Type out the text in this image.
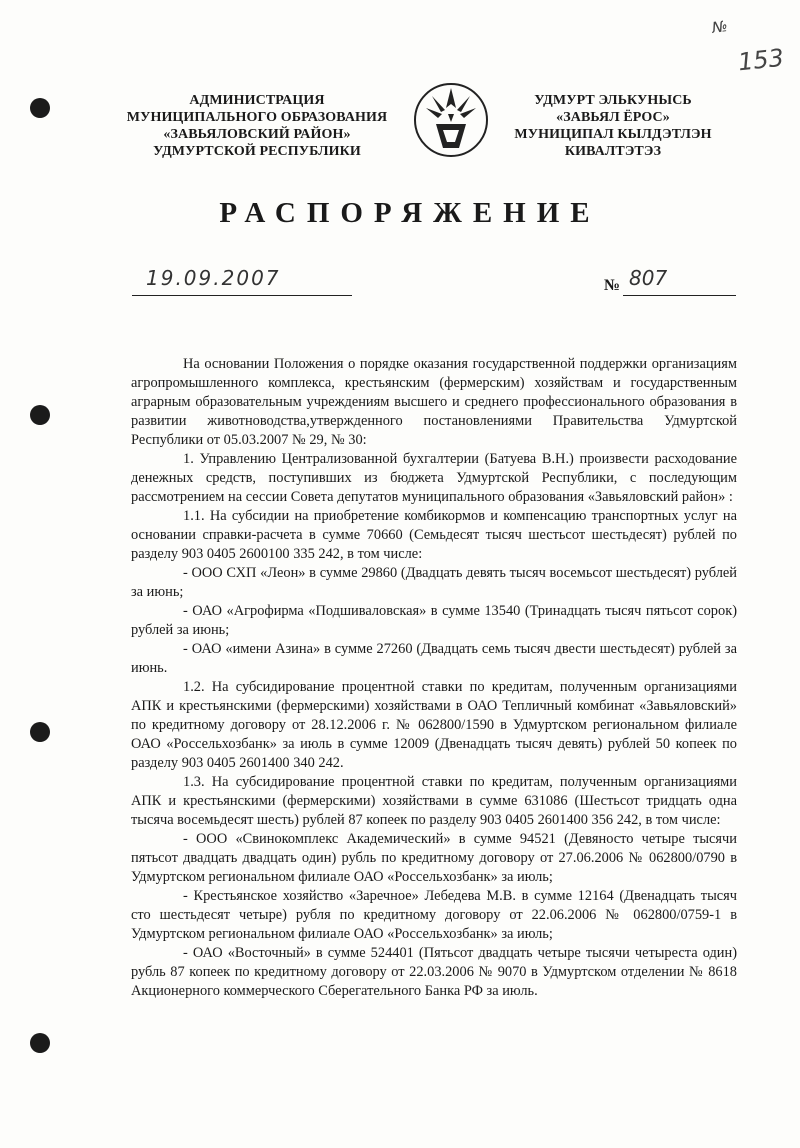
№
153
АДМИНИСТРАЦИЯ
МУНИЦИПАЛЬНОГО ОБРАЗОВАНИЯ
«ЗАВЬЯЛОВСКИЙ РАЙОН»
УДМУРТСКОЙ РЕСПУБЛИКИ
УДМУРТ ЭЛЬКУНЫСЬ
«ЗАВЬЯЛ ЁРОС»
МУНИЦИПАЛ КЫЛДЭТЛЭН
КИВАЛТЭТЭЗ
РАСПОРЯЖЕНИЕ
19.09.2007	№ 807

На основании Положения о порядке оказания государственной поддержки организациям агропромышленного комплекса, крестьянским (фермерским) хозяйствам и государственным аграрным образовательным учреждениям высшего и среднего профессионального образования в развитии животноводства,утвержденного постановлениями Правительства Удмуртской Республики от 05.03.2007 № 29, № 30:

1. Управлению Централизованной бухгалтерии (Батуева В.Н.) произвести расходование денежных средств, поступивших из бюджета Удмуртской Республики, с последующим рассмотрением на сессии Совета депутатов муниципального образования «Завьяловский район» :

1.1. На субсидии на приобретение комбикормов и компенсацию транспортных услуг на основании справки-расчета в сумме 70660 (Семьдесят тысяч шестьсот шестьдесят) рублей по разделу 903 0405 2600100 335 242, в том числе:

- ООО СХП «Леон» в сумме 29860 (Двадцать девять тысяч восемьсот шестьдесят) рублей за июнь;

- ОАО «Агрофирма «Подшиваловская» в сумме 13540 (Тринадцать тысяч пятьсот сорок) рублей за июнь;

- ОАО «имени Азина» в сумме 27260 (Двадцать семь тысяч двести шестьдесят) рублей за июнь.

1.2. На субсидирование процентной ставки по кредитам, полученным организациями АПК и крестьянскими (фермерскими) хозяйствами в ОАО Тепличный комбинат «Завьяловский» по кредитному договору от 28.12.2006 г. № 062800/1590 в Удмуртском региональном филиале ОАО «Россельхозбанк» за июль в сумме 12009 (Двенадцать тысяч девять) рублей 50 копеек по разделу 903 0405 2601400 340 242.

1.3. На субсидирование процентной ставки по кредитам, полученным организациями АПК и крестьянскими (фермерскими) хозяйствами в сумме 631086 (Шестьсот тридцать одна тысяча восемьдесят шесть) рублей 87 копеек по разделу 903 0405 2601400 356 242, в том числе:

- ООО «Свинокомплекс Академический» в сумме 94521 (Девяносто четыре тысячи пятьсот двадцать двадцать один) рубль по кредитному договору от 27.06.2006 № 062800/0790 в Удмуртском региональном филиале ОАО «Россельхозбанк» за июль;

- Крестьянское хозяйство «Заречное» Лебедева М.В. в сумме 12164 (Двенадцать тысяч сто шестьдесят четыре) рубля по кредитному договору от 22.06.2006 № 062800/0759-1 в Удмуртском региональном филиале ОАО «Россельхозбанк» за июль;

- ОАО «Восточный» в сумме 524401 (Пятьсот двадцать четыре тысячи четыреста один) рубль 87 копеек по кредитному договору от 22.03.2006 № 9070 в Удмуртском отделении № 8618 Акционерного коммерческого Сберегательного Банка РФ за июль.
